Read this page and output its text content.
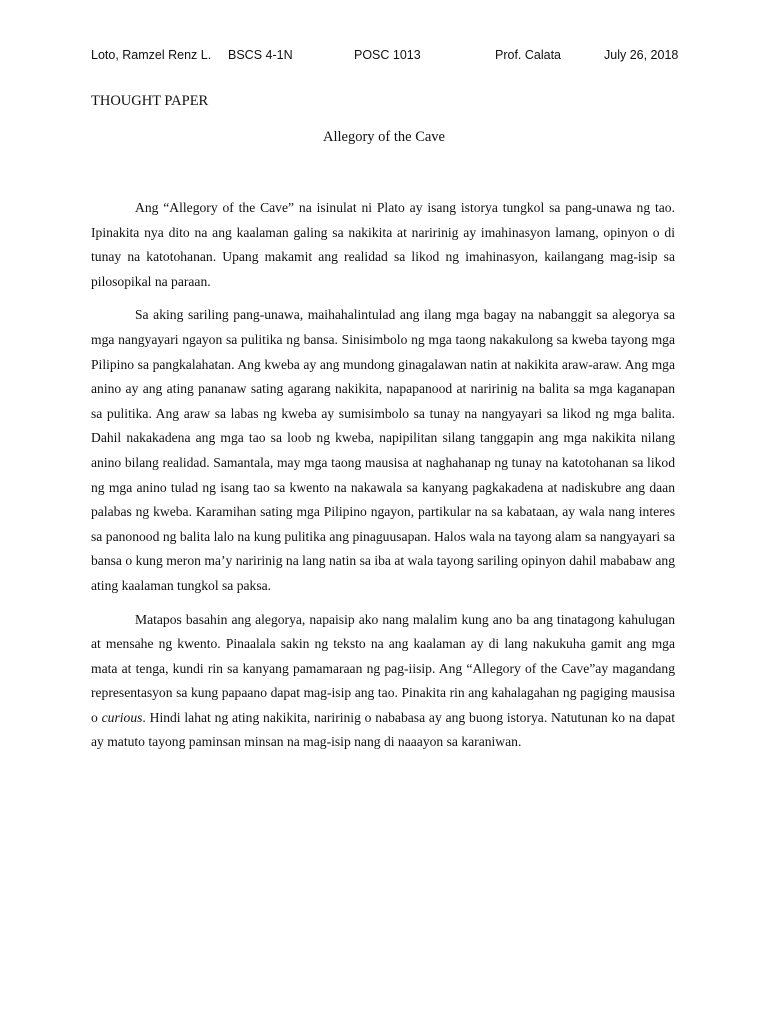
Loto, Ramzel Renz L. BSCS 4-1N	POSC 1013	Prof. Calata	July 26, 2018
THOUGHT PAPER
Allegory of the Cave

Ang “Allegory of the Cave” na isinulat ni Plato ay isang istorya tungkol sa pang-unawa ng tao. Ipinakita nya dito na ang kaalaman galing sa nakikita at naririnig ay imahinasyon lamang, opinyon o di tunay na katotohanan. Upang makamit ang realidad sa likod ng imahinasyon, kailangang mag-isip sa pilosopikal na paraan.

Sa aking sariling pang-unawa, maihahalintulad ang ilang mga bagay na nabanggit sa alegorya sa mga nangyayari ngayon sa pulitika ng bansa. Sinisimbolo ng mga taong nakakulong sa kweba tayong mga Pilipino sa pangkalahatan. Ang kweba ay ang mundong ginagalawan natin at nakikita araw-araw. Ang mga anino ay ang ating pananaw sating agarang nakikita, napapanood at naririnig na balita sa mga kaganapan sa pulitika. Ang araw sa labas ng kweba ay sumisimbolo sa tunay na nangyayari sa likod ng mga balita. Dahil nakakadena ang mga tao sa loob ng kweba, napipilitan silang tanggapin ang mga nakikita nilang anino bilang realidad. Samantala, may mga taong mausisa at naghahanap ng tunay na katotohanan sa likod ng mga anino tulad ng isang tao sa kwento na nakawala sa kanyang pagkakadena at nadiskubre ang daan palabas ng kweba. Karamihan sating mga Pilipino ngayon, partikular na sa kabataan, ay wala nang interes sa panonood ng balita lalo na kung pulitika ang pinaguusapan. Halos wala na tayong alam sa nangyayari sa bansa o kung meron ma’y naririnig na lang natin sa iba at wala tayong sariling opinyon dahil mababaw ang ating kaalaman tungkol sa paksa.

Matapos basahin ang alegorya, napaisip ako nang malalim kung ano ba ang tinatagong kahulugan at mensahe ng kwento. Pinaalala sakin ng teksto na ang kaalaman ay di lang nakukuha gamit ang mga mata at tenga, kundi rin sa kanyang pamamaraan ng pag-iisip. Ang “Allegory of the Cave”ay magandang representasyon sa kung papaano dapat mag-isip ang tao. Pinakita rin ang kahalagahan ng pagiging mausisa o curious. Hindi lahat ng ating nakikita, naririnig o nababasa ay ang buong istorya. Natutunan ko na dapat ay matuto tayong paminsan minsan na mag-isip nang di naaayon sa karaniwan.
